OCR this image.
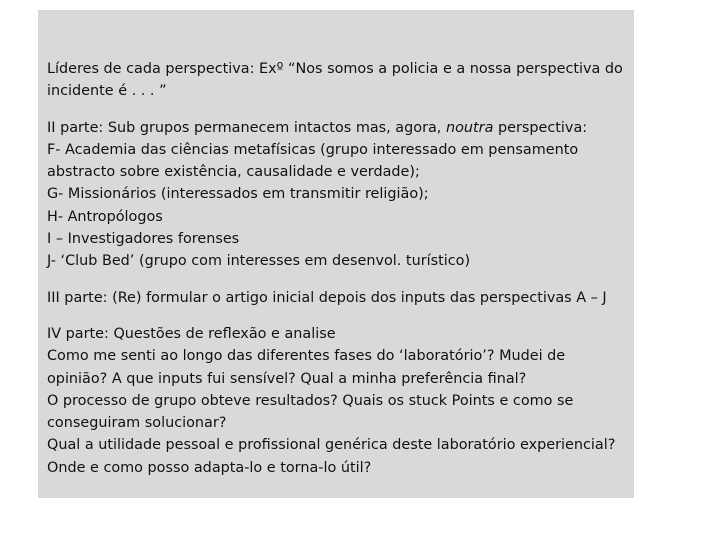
Líderes de cada perspectiva: Exº “Nos somos a policia e a nossa perspectiva do
incidente é . . . ”

II parte: Sub grupos permanecem intactos mas, agora, noutra perspectiva:
F- Academia das ciências metafísicas (grupo interessado em pensamento
abstracto sobre existência, causalidade e verdade);
G- Missionários (interessados em transmitir religião);
H- Antropólogos
I – Investigadores forenses
J- ‘Club Bed’ (grupo com interesses em desenvol. turístico)

III parte: (Re) formular o artigo inicial depois dos inputs das perspectivas A – J

IV parte: Questões de reflexão e analise
Como me senti ao longo das diferentes fases do ‘laboratório’? Mudei de
opinião? A que inputs fui sensível? Qual a minha preferência final?
O processo de grupo obteve resultados? Quais os stuck Points e como se
conseguiram solucionar?
Qual a utilidade pessoal e profissional genérica deste laboratório experiencial?
Onde e como posso adapta-lo e torna-lo útil?
